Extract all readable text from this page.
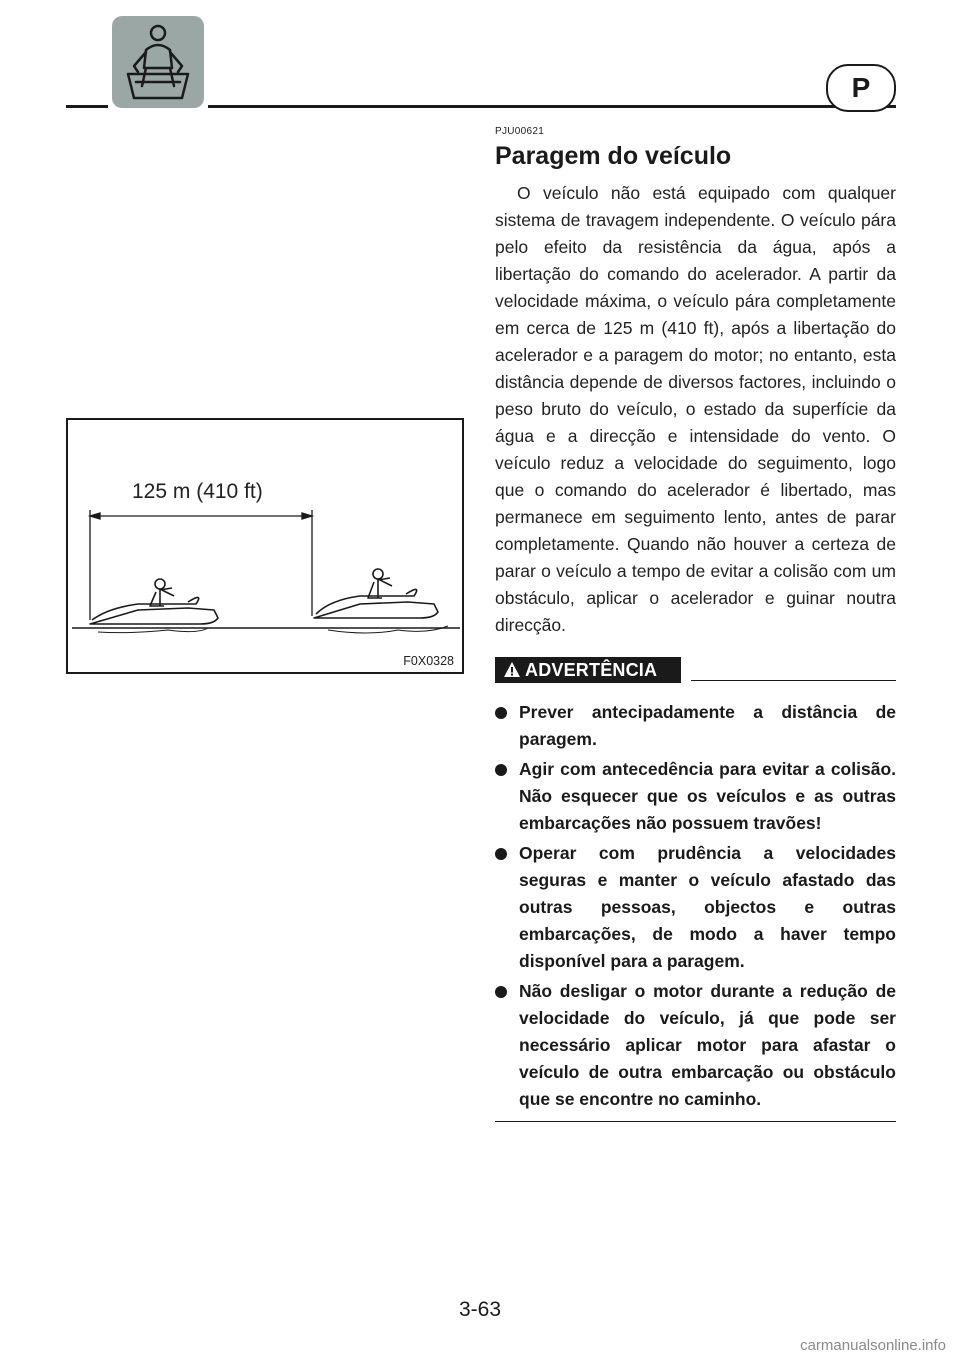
P
125 m (410 ft)
F0X0328
PJU00621
Paragem do veículo

O veículo não está equipado com qualquer sistema de travagem independente. O veículo pára pelo efeito da resistência da água, após a libertação do comando do acelerador. A partir da velocidade máxima, o veículo pára completamente em cerca de 125 m (410 ft), após a libertação do acelerador e a paragem do motor; no entanto, esta distância depende de diversos factores, incluindo o peso bruto do veículo, o estado da superfície da água e a direcção e intensidade do vento. O veículo reduz a velocidade do seguimento, logo que o comando do acelerador é libertado, mas permanece em seguimento lento, antes de parar completamente. Quando não houver a certeza de parar o veículo a tempo de evitar a colisão com um obstáculo, aplicar o acelerador e guinar noutra direcção.

ADVERTÊNCIA
Prever antecipadamente a distância de paragem.
Agir com antecedência para evitar a colisão. Não esquecer que os veículos e as outras embarcações não possuem travões!
Operar com prudência a velocidades seguras e manter o veículo afastado das outras pessoas, objectos e outras embarcações, de modo a haver tempo disponível para a paragem.
Não desligar o motor durante a redução de velocidade do veículo, já que pode ser necessário aplicar motor para afastar o veículo de outra embarcação ou obstáculo que se encontre no caminho.
3-63
carmanualsonline.info
